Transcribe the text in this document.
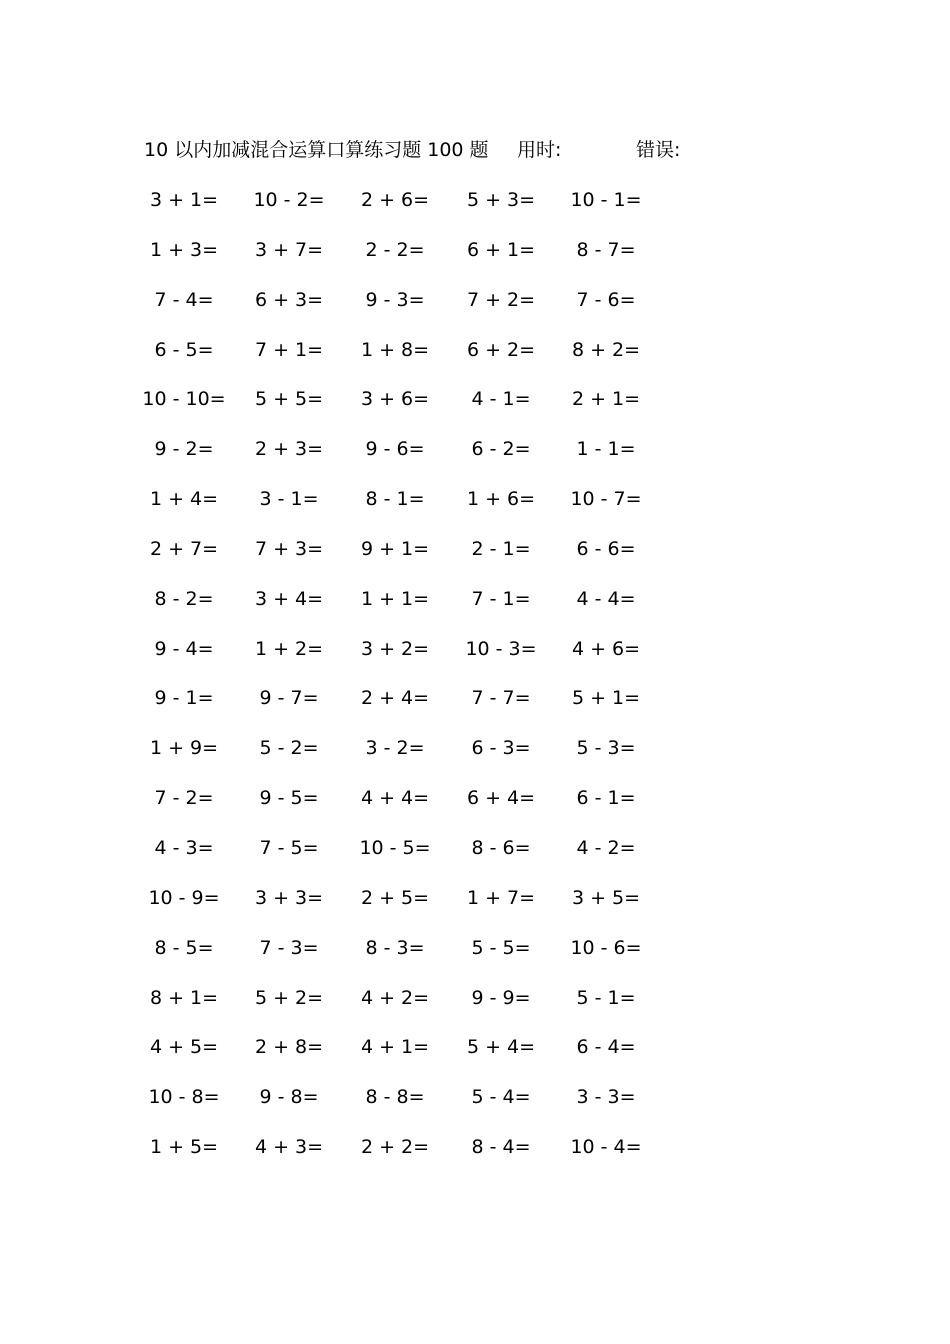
10 以内加减混合运算口算练习题 100 题 用时:	错误:
3 + 1=	10 - 2=	2 + 6=	5 + 3=	10 - 1=
1 + 3=	3 + 7=	2 - 2=	6 + 1=	8 - 7=
7 - 4=	6 + 3=	9 - 3=	7 + 2=	7 - 6=
6 - 5=	7 + 1=	1 + 8=	6 + 2=	8 + 2=
10 - 10=	5 + 5=	3 + 6=	4 - 1=	2 + 1=
9 - 2=	2 + 3=	9 - 6=	6 - 2=	1 - 1=
1 + 4=	3 - 1=	8 - 1=	1 + 6=	10 - 7=
2 + 7=	7 + 3=	9 + 1=	2 - 1=	6 - 6=
8 - 2=	3 + 4=	1 + 1=	7 - 1=	4 - 4=
9 - 4=	1 + 2=	3 + 2=	10 - 3=	4 + 6=
9 - 1=	9 - 7=	2 + 4=	7 - 7=	5 + 1=
1 + 9=	5 - 2=	3 - 2=	6 - 3=	5 - 3=
7 - 2=	9 - 5=	4 + 4=	6 + 4=	6 - 1=
4 - 3=	7 - 5=	10 - 5=	8 - 6=	4 - 2=
10 - 9=	3 + 3=	2 + 5=	1 + 7=	3 + 5=
8 - 5=	7 - 3=	8 - 3=	5 - 5=	10 - 6=
8 + 1=	5 + 2=	4 + 2=	9 - 9=	5 - 1=
4 + 5=	2 + 8=	4 + 1=	5 + 4=	6 - 4=
10 - 8=	9 - 8=	8 - 8=	5 - 4=	3 - 3=
1 + 5=	4 + 3=	2 + 2=	8 - 4=	10 - 4=
